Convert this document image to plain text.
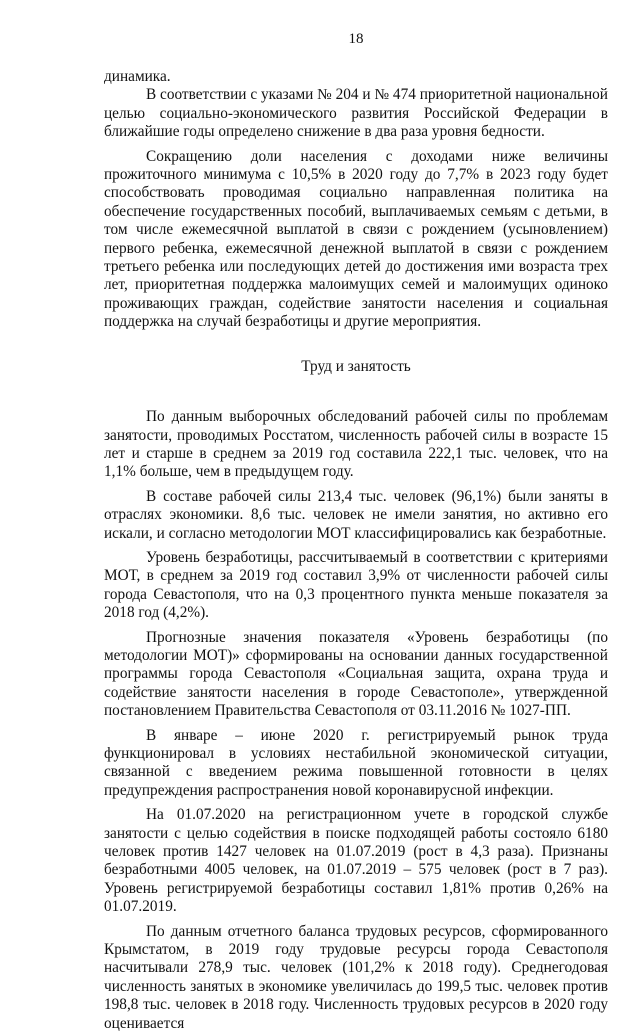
18

динамика.

В соответствии с указами № 204 и № 474 приоритетной национальной целью социально-экономического развития Российской Федерации в ближайшие годы определено снижение в два раза уровня бедности.

Сокращению доли населения с доходами ниже величины прожиточного минимума с 10,5% в 2020 году до 7,7% в 2023 году будет способствовать проводимая социально направленная политика на обеспечение государственных пособий, выплачиваемых семьям с детьми, в том числе ежемесячной выплатой в связи с рождением (усыновлением) первого ребенка, ежемесячной денежной выплатой в связи с рождением третьего ребенка или последующих детей до достижения ими возраста трех лет, приоритетная поддержка малоимущих семей и малоимущих одиноко проживающих граждан, содействие занятости населения и социальная поддержка на случай безработицы и другие мероприятия.

Труд и занятость

По данным выборочных обследований рабочей силы по проблемам занятости, проводимых Росстатом, численность рабочей силы в возрасте 15 лет и старше в среднем за 2019 год составила 222,1 тыс. человек, что на 1,1% больше, чем в предыдущем году.

В составе рабочей силы 213,4 тыс. человек (96,1%) были заняты в отраслях экономики. 8,6 тыс. человек не имели занятия, но активно его искали, и согласно методологии МОТ классифицировались как безработные.

Уровень безработицы, рассчитываемый в соответствии с критериями МОТ, в среднем за 2019 год составил 3,9% от численности рабочей силы города Севастополя, что на 0,3 процентного пункта меньше показателя за 2018 год (4,2%).

Прогнозные значения показателя «Уровень безработицы (по методологии МОТ)» сформированы на основании данных государственной программы города Севастополя «Социальная защита, охрана труда и содействие занятости населения в городе Севастополе», утвержденной постановлением Правительства Севастополя от 03.11.2016 № 1027-ПП.

В январе – июне 2020 г. регистрируемый рынок труда функционировал в условиях нестабильной экономической ситуации, связанной с введением режима повышенной готовности в целях предупреждения распространения новой коронавирусной инфекции.

На 01.07.2020 на регистрационном учете в городской службе занятости с целью содействия в поиске подходящей работы состояло 6180 человек против 1427 человек на 01.07.2019 (рост в 4,3 раза). Признаны безработными 4005 человек, на 01.07.2019 – 575 человек (рост в 7 раз). Уровень регистрируемой безработицы составил 1,81% против 0,26% на 01.07.2019.

По данным отчетного баланса трудовых ресурсов, сформированного Крымстатом, в 2019 году трудовые ресурсы города Севастополя насчитывали 278,9 тыс. человек (101,2% к 2018 году). Среднегодовая численность занятых в экономике увеличилась до 199,5 тыс. человек против 198,8 тыс. человек в 2018 году. Численность трудовых ресурсов в 2020 году оценивается
